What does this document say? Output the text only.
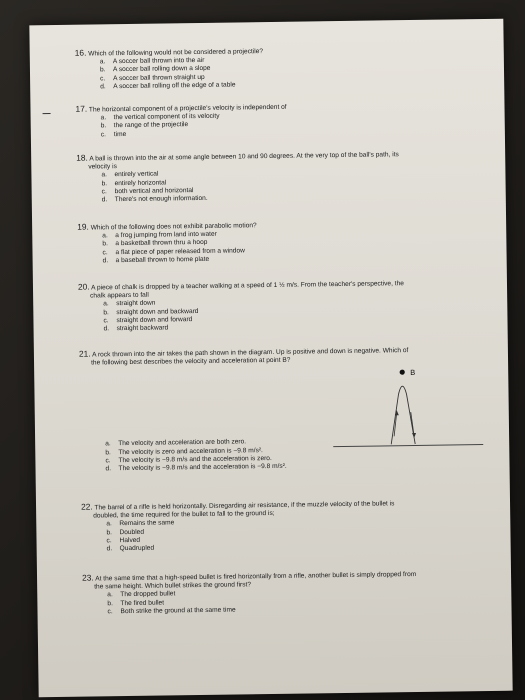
16. Which of the following would not be considered a projectile?
a.	A soccer ball thrown into the air
b.	A soccer ball rolling down a slope
c.	A soccer ball thrown straight up
d.	A soccer ball rolling off the edge of a table
17. The horizontal component of a projectile's velocity is independent of
a.	the vertical component of its velocity
b.	the range of the projectile
c.	time
18. A ball is thrown into the air at some angle between 10 and 90 degrees. At the very top of the ball's path, its
velocity is
a.	entirely vertical
b.	entirely horizontal
c.	both vertical and horizontal
d.	There's not enough information.
19. Which of the following does not exhibit parabolic motion?
a.	a frog jumping from land into water
b.	a basketball thrown thru a hoop
c.	a flat piece of paper released from a window
d.	a baseball thrown to home plate
20. A piece of chalk is dropped by a teacher walking at a speed of 1 ½ m/s. From the teacher's perspective, the
chalk appears to fall
a.	straight down
b.	straight down and backward
c.	straight down and forward
d.	straight backward
21. A rock thrown into the air takes the path shown in the diagram. Up is positive and down is negative. Which of
the following best describes the velocity and acceleration at point B?
a.	The velocity and acceleration are both zero.
b.	The velocity is zero and acceleration is −9.8 m/s².
c.	The velocity is −9.8 m/s and the acceleration is zero.
d.	The velocity is −9.8 m/s and the acceleration is −9.8 m/s².
B
22. The barrel of a rifle is held horizontally. Disregarding air resistance, if the muzzle velocity of the bullet is
doubled, the time required for the bullet to fall to the ground is;
a.	Remains the same
b.	Doubled
c.	Halved
d.	Quadrupled
23. At the same time that a high-speed bullet is fired horizontally from a rifle, another bullet is simply dropped from
the same height. Which bullet strikes the ground first?
a.	The dropped bullet
b.	The fired bullet
c.	Both strike the ground at the same time
